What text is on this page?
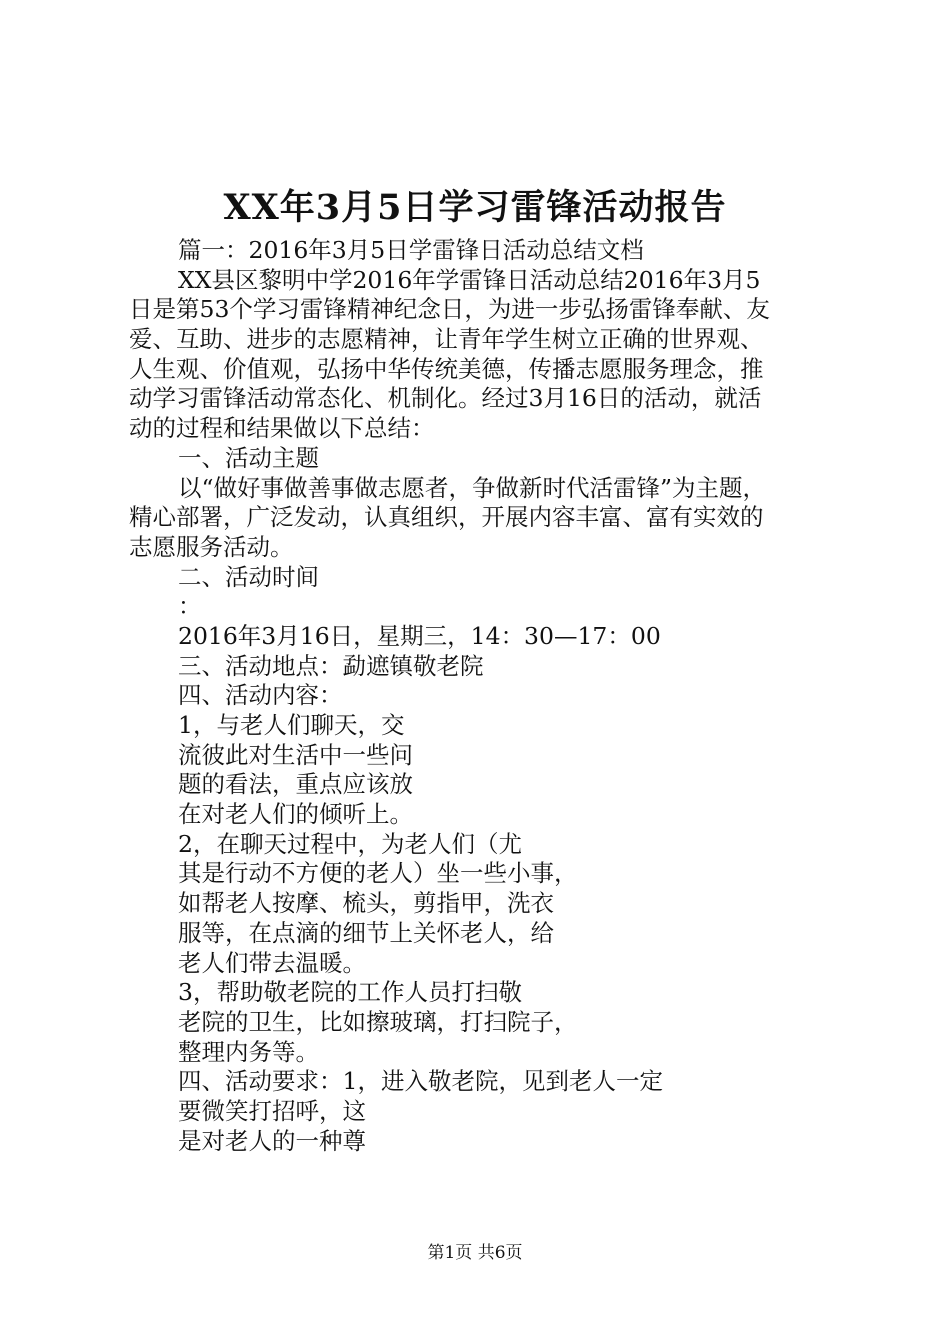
XX年3月5日学习雷锋活动报告
篇一：2016年3月5日学雷锋日活动总结文档
XX县区黎明中学2016年学雷锋日活动总结2016年3月5
日是第53个学习雷锋精神纪念日，为进一步弘扬雷锋奉献、友
爱、互助、进步的志愿精神，让青年学生树立正确的世界观、
人生观、价值观，弘扬中华传统美德，传播志愿服务理念，推
动学习雷锋活动常态化、机制化。经过3月16日的活动，就活
动的过程和结果做以下总结：
一、活动主题
以“做好事做善事做志愿者，争做新时代活雷锋”为主题，
精心部署，广泛发动，认真组织，开展内容丰富、富有实效的
志愿服务活动。
二、活动时间
：
2016年3月16日，星期三，14：30—17：00
三、活动地点：勐遮镇敬老院
四、活动内容：
1，与老人们聊天，交
流彼此对生活中一些问
题的看法，重点应该放
在对老人们的倾听上。
2，在聊天过程中，为老人们（尤
其是行动不方便的老人）坐一些小事，
如帮老人按摩、梳头，剪指甲，洗衣
服等，在点滴的细节上关怀老人，给
老人们带去温暖。
3，帮助敬老院的工作人员打扫敬
老院的卫生，比如擦玻璃，打扫院子，
整理内务等。
四、活动要求：1，进入敬老院，见到老人一定
要微笑打招呼，这
是对老人的一种尊
第1页 共6页
